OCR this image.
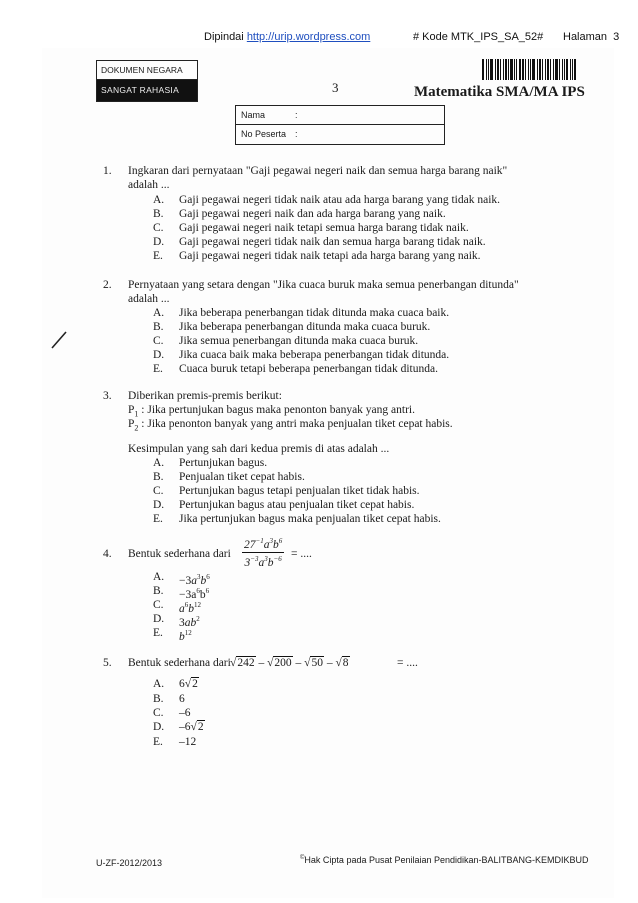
Dipindai http://urip.wordpress.com	# Kode MTK_IPS_SA_52# Halaman 3
DOKUMEN NEGARA
SANGAT RAHASIA	3	Matematika SMA/MA IPS
Nama	:
No Peserta :
1. Ingkaran dari pernyataan "Gaji pegawai negeri naik dan semua harga barang naik"
adalah ...
A. Gaji pegawai negeri tidak naik atau ada harga barang yang tidak naik.
B. Gaji pegawai negeri naik dan ada harga barang yang naik.
C. Gaji pegawai negeri naik tetapi semua harga barang tidak naik.
D. Gaji pegawai negeri tidak naik dan semua harga barang tidak naik.
E. Gaji pegawai negeri tidak naik tetapi ada harga barang yang naik.
2. Pernyataan yang setara dengan "Jika cuaca buruk maka semua penerbangan ditunda"
adalah ...
A. Jika beberapa penerbangan tidak ditunda maka cuaca baik.
B. Jika beberapa penerbangan ditunda maka cuaca buruk.
C. Jika semua penerbangan ditunda maka cuaca buruk.
D. Jika cuaca baik maka beberapa penerbangan tidak ditunda.
E. Cuaca buruk tetapi beberapa penerbangan tidak ditunda.
3. Diberikan premis-premis berikut:
$P_1$ : Jika pertunjukan bagus maka penonton banyak yang antri.
$P_2$ : Jika penonton banyak yang antri maka penjualan tiket cepat habis.
Kesimpulan yang sah dari kedua premis di atas adalah ...
A. Pertunjukan bagus.
B. Penjualan tiket cepat habis.
C. Pertunjukan bagus tetapi penjualan tiket tidak habis.
D. Pertunjukan bagus atau penjualan tiket cepat habis.
E. Jika pertunjukan bagus maka penjualan tiket cepat habis.
4. Bentuk sederhana dari $\frac{27^{-1}a^3b^6}{3^{-3}a^3b^{-6}}$ = ....
A. $-3a^3b^6$
B. $-3a^6b^6$
C. $a^6b^{12}$
D. $3ab^2$
E. $b^{12}$
5. Bentuk sederhana dari √242 – √200 – √50 – √8	= ....
A. 6√2
B. 6
C. –6
D. –6√2
E. –12
U-ZF-2012/2013	©Hak Cipta pada Pusat Penilaian Pendidikan-BALITBANG-KEMDIKBUD
